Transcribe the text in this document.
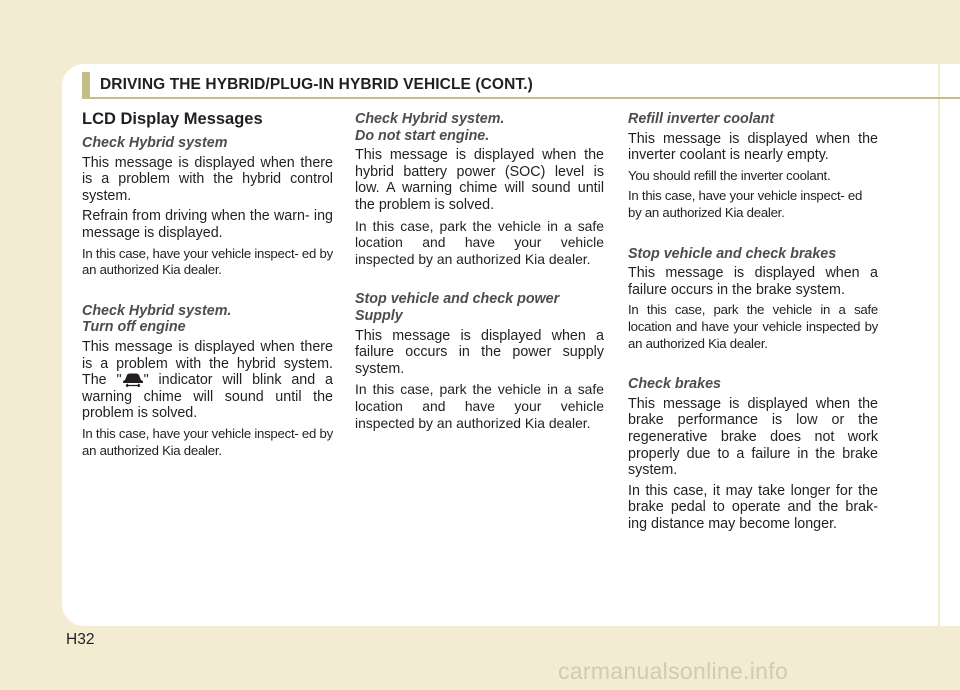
DRIVING THE HYBRID/PLUG-IN HYBRID VEHICLE (CONT.)
LCD Display Messages
Check Hybrid system

This message is displayed when there is a problem with the hybrid control system.

Refrain from driving when the warn- ing message is displayed.

In this case, have your vehicle inspect- ed by an authorized Kia dealer.

Check Hybrid system.
Turn off engine

This message is displayed when there is a problem with the hybrid system. The " " indicator will blink and a warning chime will sound until the problem is solved.

In this case, have your vehicle inspect- ed by an authorized Kia dealer.

Check Hybrid system.
Do not start engine.

This message is displayed when the hybrid battery power (SOC) level is low. A warning chime will sound until the problem is solved.

In this case, park the vehicle in a safe location and have your vehicle inspected by an authorized Kia dealer.

Stop vehicle and check power
Supply

This message is displayed when a failure occurs in the power supply system.

In this case, park the vehicle in a safe location and have your vehicle inspected by an authorized Kia dealer.

Refill inverter coolant

This message is displayed when the inverter coolant is nearly empty.

You should refill the inverter coolant.

In this case, have your vehicle inspect- ed by an authorized Kia dealer.

Stop vehicle and check brakes

This message is displayed when a failure occurs in the brake system.

In this case, park the vehicle in a safe location and have your vehicle inspected by an authorized Kia dealer.

Check brakes

This message is displayed when the brake performance is low or the regenerative brake does not work properly due to a failure in the brake system.

In this case, it may take longer for the brake pedal to operate and the brak- ing distance may become longer.

H32
carmanualsonline.info
